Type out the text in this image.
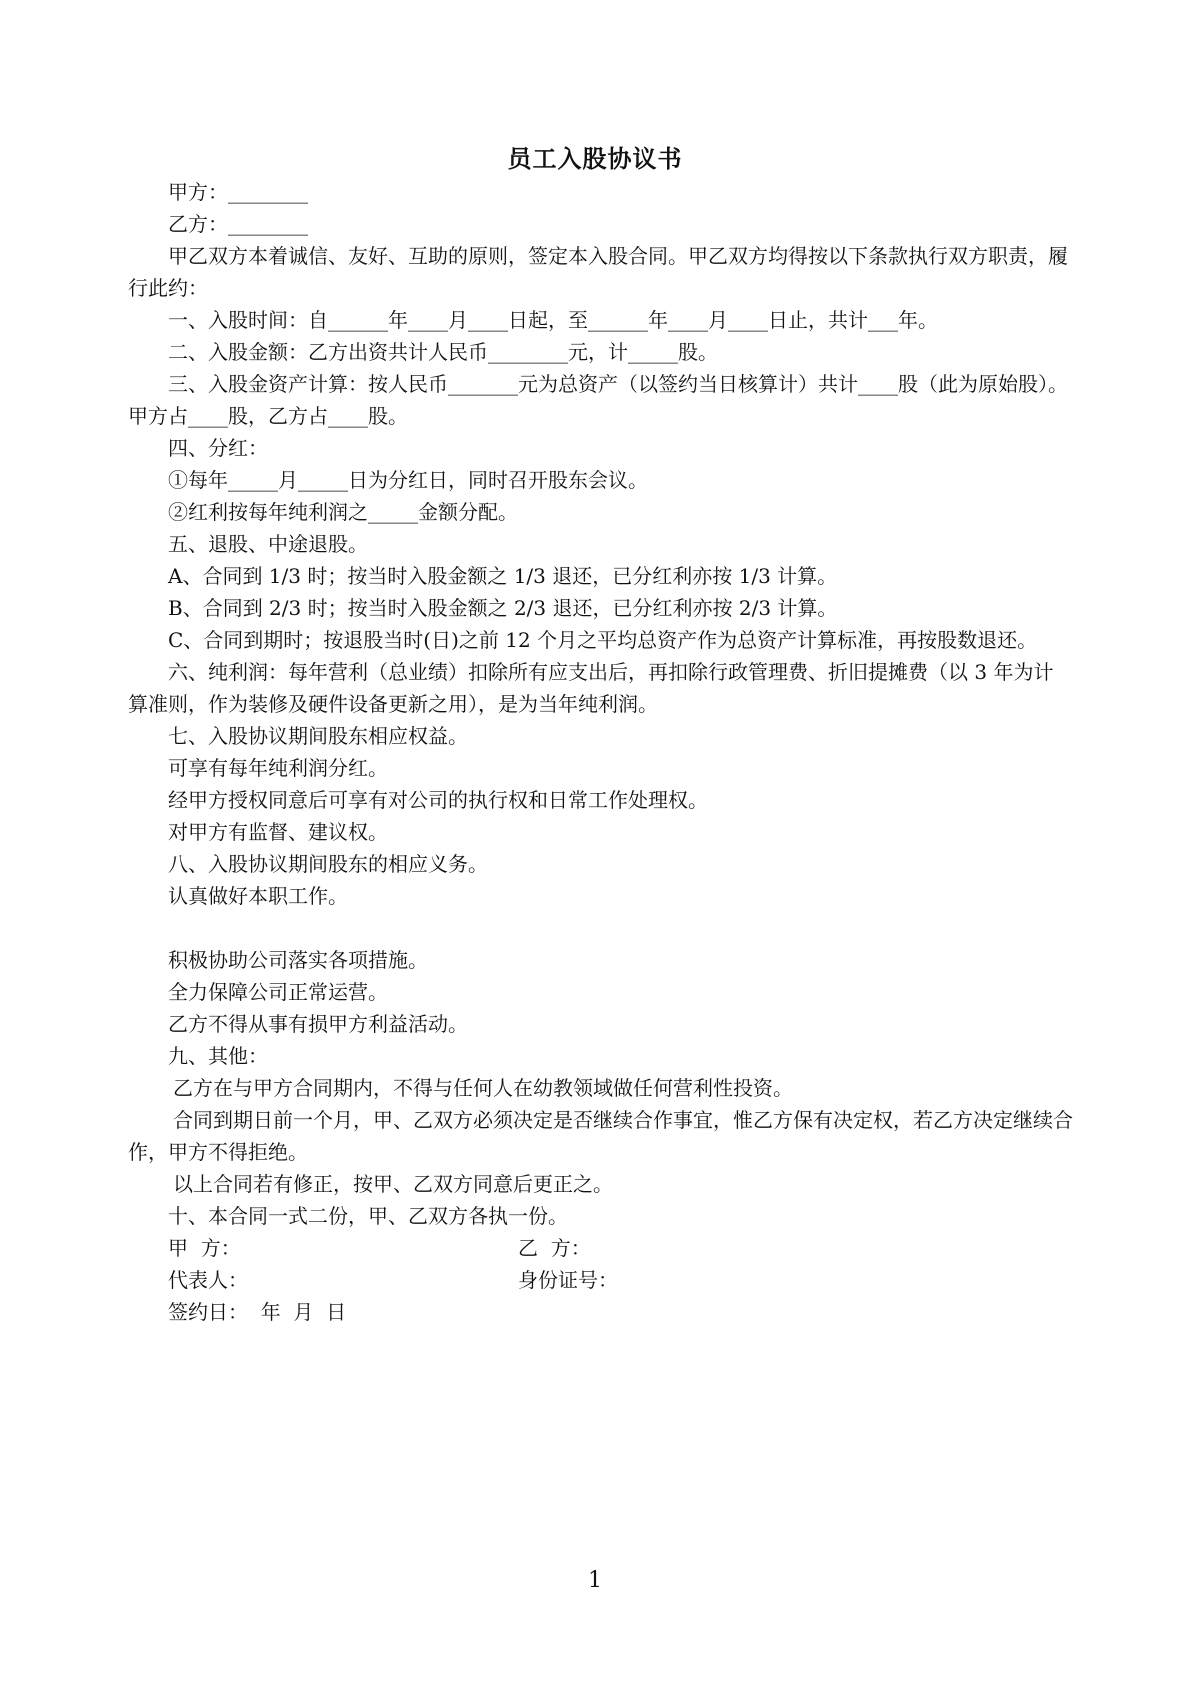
员工入股协议书

甲方：________

乙方：________

甲乙双方本着诚信、友好、互助的原则，签定本入股合同。甲乙双方均得按以下条款执行双方职责，履行此约：

一、入股时间：自______年____月____日起，至______年____月____日止，共计___年。

二、入股金额：乙方出资共计人民币________元，计_____股。

三、入股金资产计算：按人民币_______元为总资产（以签约当日核算计）共计____股（此为原始股）。甲方占____股，乙方占____股。

四、分红：

①每年_____月_____日为分红日，同时召开股东会议。

②红利按每年纯利润之_____金额分配。

五、退股、中途退股。

A、合同到 1/3 时；按当时入股金额之 1/3 退还，已分红利亦按 1/3 计算。

B、合同到 2/3 时；按当时入股金额之 2/3 退还，已分红利亦按 2/3 计算。

C、合同到期时；按退股当时(日)之前 12 个月之平均总资产作为总资产计算标准，再按股数退还。

六、纯利润：每年营利（总业绩）扣除所有应支出后，再扣除行政管理费、折旧提摊费（以 3 年为计算准则，作为装修及硬件设备更新之用），是为当年纯利润。

七、入股协议期间股东相应权益。

可享有每年纯利润分红。

经甲方授权同意后可享有对公司的执行权和日常工作处理权。

对甲方有监督、建议权。

八、入股协议期间股东的相应义务。

认真做好本职工作。

积极协助公司落实各项措施。

全力保障公司正常运营。

乙方不得从事有损甲方利益活动。

九、其他：

乙方在与甲方合同期内，不得与任何人在幼教领域做任何营利性投资。

合同到期日前一个月，甲、乙双方必须决定是否继续合作事宜，惟乙方保有决定权，若乙方决定继续合作，甲方不得拒绝。

以上合同若有修正，按甲、乙双方同意后更正之。

十、本合同一式二份，甲、乙双方各执一份。

甲  方：	乙  方：
代表人：	身份证号：
签约日：  年  月  日
1
